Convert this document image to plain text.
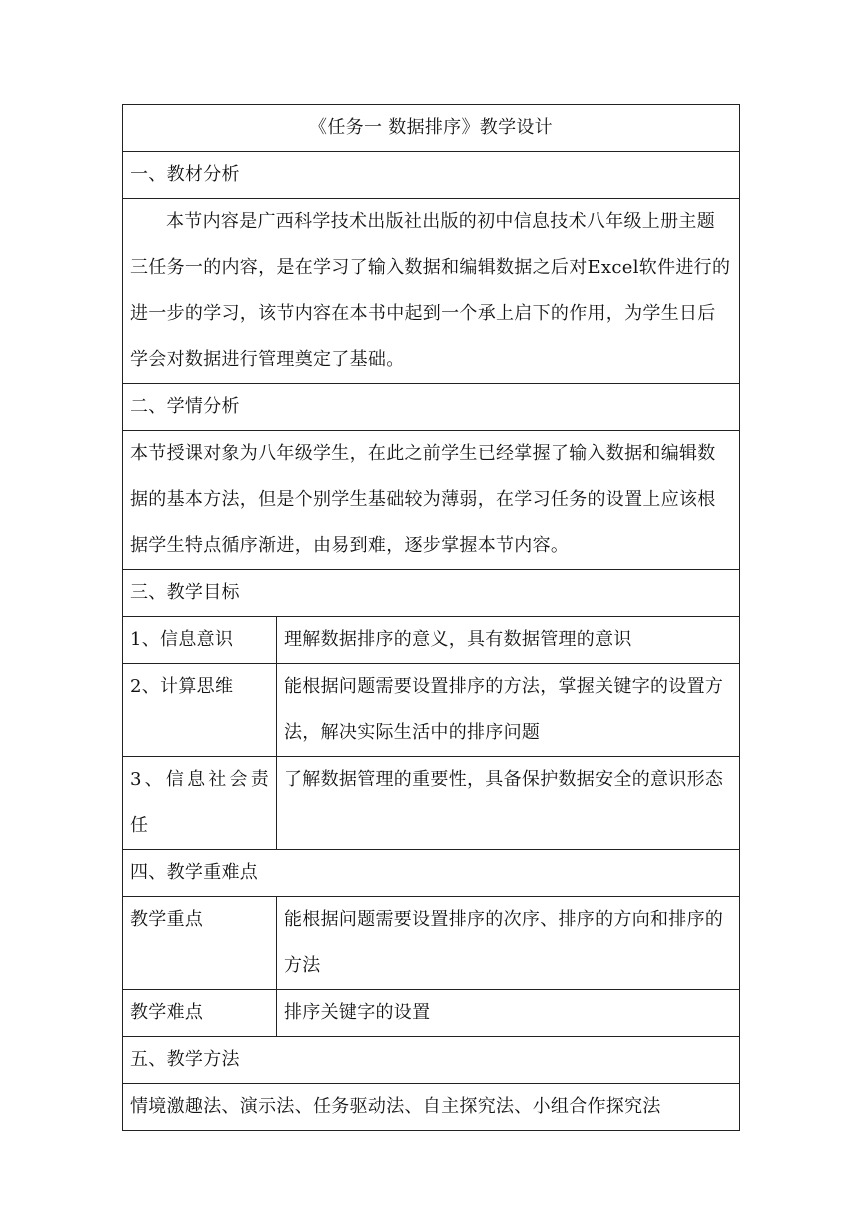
《任务一 数据排序》教学设计	
一、教材分析	
本节内容是广西科学技术出版社出版的初中信息技术八年级上册主题三任务一的内容，是在学习了输入数据和编辑数据之后对Excel软件进行的进一步的学习，该节内容在本书中起到一个承上启下的作用，为学生日后学会对数据进行管理奠定了基础。	
二、学情分析	
本节授课对象为八年级学生，在此之前学生已经掌握了输入数据和编辑数据的基本方法，但是个别学生基础较为薄弱，在学习任务的设置上应该根据学生特点循序渐进，由易到难，逐步掌握本节内容。	
三、教学目标	
1、信息意识	理解数据排序的意义，具有数据管理的意识
2、计算思维	能根据问题需要设置排序的方法，掌握关键字的设置方法，解决实际生活中的排序问题
3、信息社会责任	了解数据管理的重要性，具备保护数据安全的意识形态
四、教学重难点	
教学重点	能根据问题需要设置排序的次序、排序的方向和排序的方法
教学难点	排序关键字的设置
五、教学方法	
情境激趣法、演示法、任务驱动法、自主探究法、小组合作探究法	
